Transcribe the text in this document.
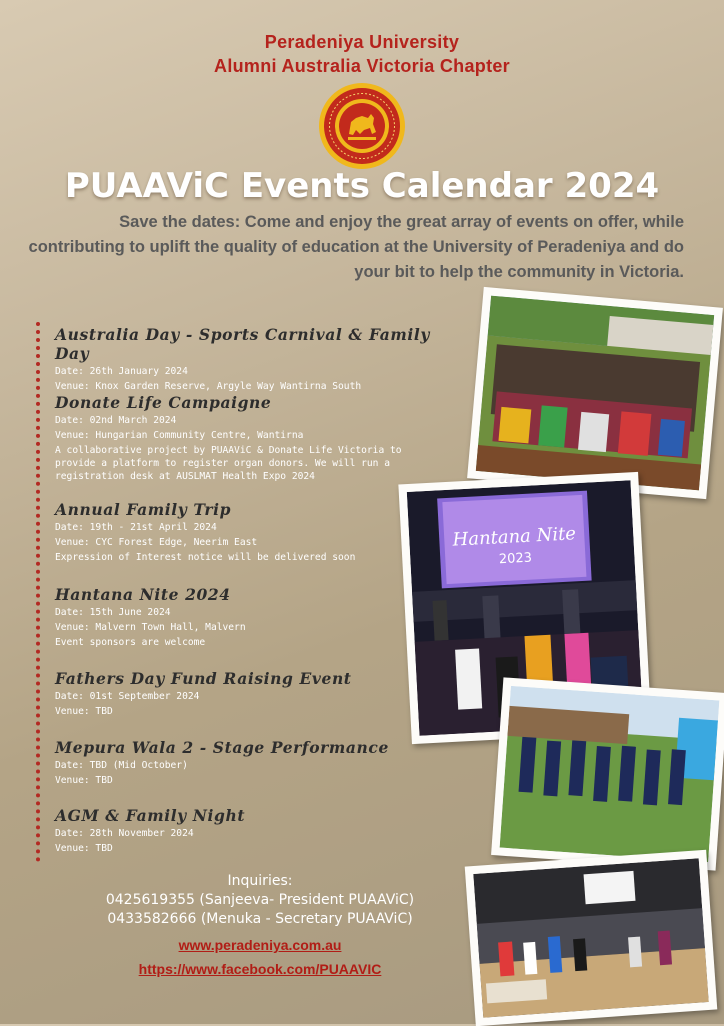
Peradeniya University
Alumni Australia Victoria Chapter
PUAAViC Events Calendar 2024
Save the dates: Come and enjoy the great array of events on offer, while contributing to uplift the quality of education at the University of Peradeniya and do your bit to help the community in Victoria.
Australia Day - Sports Carnival & Family Day

Date: 26th January 2024

Venue: Knox Garden Reserve, Argyle Way Wantirna South

Donate Life Campaigne

Date: 02nd March 2024

Venue: Hungarian Community Centre, Wantirna

A collaborative project by PUAAViC & Donate Life Victoria to provide a platform to register organ donors. We will run a registration desk at AUSLMAT Health Expo 2024

Annual Family Trip

Date: 19th - 21st April 2024

Venue: CYC Forest Edge, Neerim East

Expression of Interest notice will be delivered soon

Hantana Nite 2024

Date: 15th June 2024

Venue: Malvern Town Hall, Malvern

Event sponsors are welcome

Fathers Day Fund Raising Event

Date: 01st September 2024

Venue: TBD

Mepura Wala 2 - Stage Performance

Date: TBD (Mid October)

Venue: TBD

AGM & Family Night

Date: 28th November 2024

Venue: TBD

Inquiries:
0425619355 (Sanjeeva- President PUAAViC)
0433582666 (Menuka - Secretary PUAAViC)
www.peradeniya.com.au
https://www.facebook.com/PUAAVIC
Hantana Nite
2023
